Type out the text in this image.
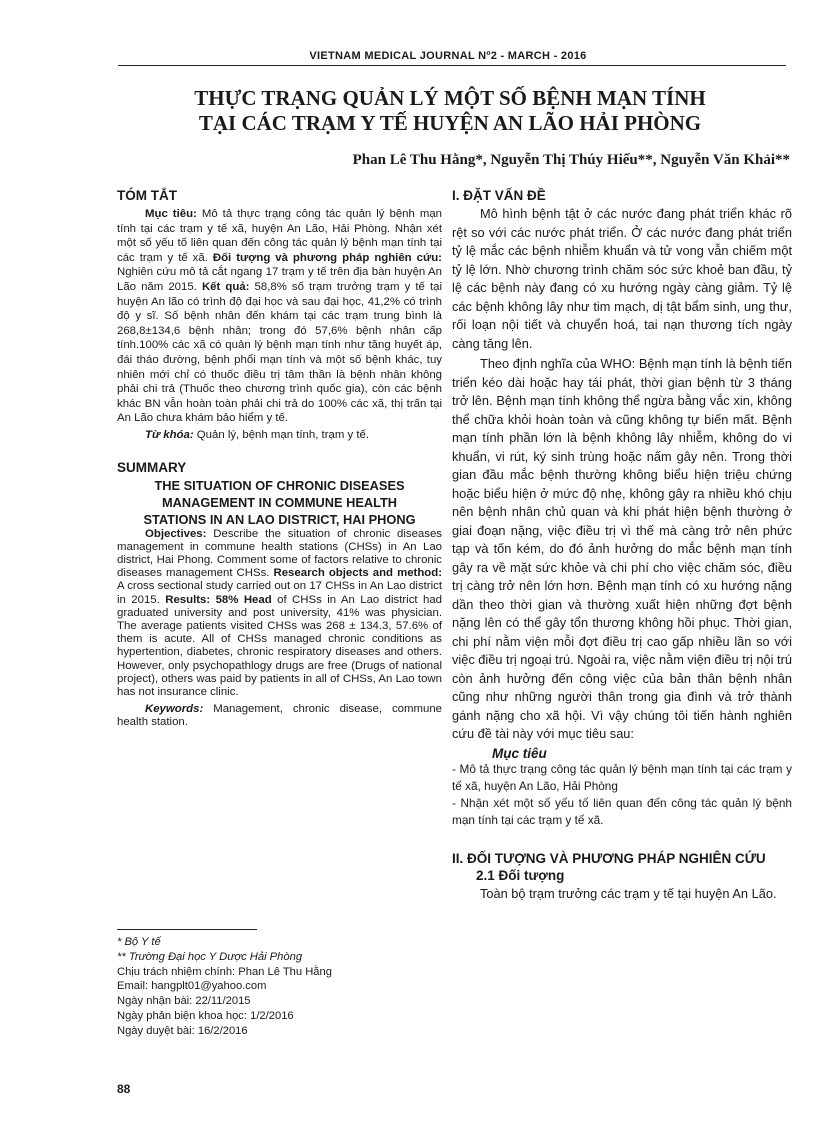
VIETNAM MEDICAL JOURNAL Nº2 - MARCH - 2016
THỰC TRẠNG QUẢN LÝ MỘT SỐ BỆNH MẠN TÍNH
TẠI CÁC TRẠM Y TẾ HUYỆN AN LÃO HẢI PHÒNG
Phan Lê Thu Hằng*, Nguyễn Thị Thúy Hiếu**, Nguyễn Văn Khải**
TÓM TẮT

Mục tiêu: Mô tả thực trạng công tác quản lý bệnh mạn tính tại các trạm y tế xã, huyện An Lão, Hải Phòng. Nhận xét một số yếu tố liên quan đến công tác quản lý bệnh mạn tính tại các trạm y tế xã. Đối tượng và phương pháp nghiên cứu: Nghiên cứu mô tả cắt ngang 17 trạm y tế trên địa bàn huyện An Lão năm 2015. Kết quả: 58,8% số trạm trưởng trạm y tế tại huyện An lão có trình độ đại học và sau đại học, 41,2% có trình độ y sĩ. Số bệnh nhân đến khám tại các trạm trung bình là 268,8±134,6 bệnh nhân; trong đó 57,6% bệnh nhân cấp tính.100% các xã có quản lý bệnh mạn tính như tăng huyết áp, đái tháo đường, bệnh phổi mạn tính và một số bệnh khác, tuy nhiên mới chỉ có thuốc điều trị tâm thần là bệnh nhân không phải chi trả (Thuốc theo chương trình quốc gia), còn các bệnh khác BN vẫn hoàn toàn phải chi trả do 100% các xã, thị trấn tại An Lão chưa khám bảo hiểm y tế.

Từ khóa: Quản lý, bệnh mạn tính, trạm y tế.

SUMMARY
THE SITUATION OF CHRONIC DISEASES
MANAGEMENT IN COMMUNE HEALTH
STATIONS IN AN LAO DISTRICT, HAI PHONG

Objectives: Describe the situation of chronic diseases management in commune health stations (CHSs) in An Lao district, Hai Phong. Comment some of factors relative to chronic diseases management CHSs. Research objects and method: A cross sectional study carried out on 17 CHSs in An Lao district in 2015. Results: 58% Head of CHSs in An Lao district had graduated university and post university, 41% was physician. The average patients visited CHSs was 268 ± 134.3, 57.6% of them is acute. All of CHSs managed chronic conditions as hypertention, diabetes, chronic respiratory diseases and others. However, only psychopathlogy drugs are free (Drugs of national project), others was paid by patients in all of CHSs, An Lao town has not insurance clinic.

Keywords: Management, chronic disease, commune health station.

* Bộ Y tế
** Trường Đại học Y Dược Hải Phòng
Chịu trách nhiệm chính: Phan Lê Thu Hằng
Email: hangplt01@yahoo.com
Ngày nhận bài: 22/11/2015
Ngày phản biện khoa học: 1/2/2016
Ngày duyệt bài: 16/2/2016
88
I. ĐẶT VẤN ĐỀ

Mô hình bệnh tật ở các nước đang phát triển khác rõ rệt so với các nước phát triển. Ở các nước đang phát triển tỷ lệ mắc các bệnh nhiễm khuẩn và tử vong vẫn chiếm một tỷ lệ lớn. Nhờ chương trình chăm sóc sức khoẻ ban đầu, tỷ lệ các bệnh này đang có xu hướng ngày càng giảm. Tỷ lệ các bệnh không lây như tim mạch, dị tật bẩm sinh, ung thư, rối loạn nội tiết và chuyển hoá, tai nạn thương tích ngày càng tăng lên.

Theo định nghĩa của WHO: Bệnh mạn tính là bệnh tiến triển kéo dài hoặc hay tái phát, thời gian bệnh từ 3 tháng trở lên. Bệnh mạn tính không thể ngừa bằng vắc xin, không thể chữa khỏi hoàn toàn và cũng không tự biến mất. Bệnh mạn tính phần lớn là bệnh không lây nhiễm, không do vi khuẩn, vi rút, ký sinh trùng hoặc nấm gây nên. Trong thời gian đầu mắc bệnh thường không biểu hiện triệu chứng hoặc biểu hiện ở mức độ nhẹ, không gây ra nhiều khó chịu nên bệnh nhân chủ quan và khi phát hiện bệnh thường ở giai đoạn nặng, việc điều trị vì thế mà càng trở nên phức tạp và tốn kém, do đó ảnh hưởng do mắc bệnh mạn tính gây ra về mặt sức khỏe và chi phí cho việc chăm sóc, điều trị càng trở nên lớn hơn. Bệnh mạn tính có xu hướng nặng dần theo thời gian và thường xuất hiện những đợt bệnh nặng lên có thể gây tổn thương không hồi phục. Thời gian, chi phí nằm viện mỗi đợt điều trị cao gấp nhiều lần so với việc điều trị ngoại trú. Ngoài ra, việc nằm viện điều trị nội trú còn ảnh hưởng đến công việc của bản thân bệnh nhân cũng như những người thân trong gia đình và trở thành gánh nặng cho xã hội. Vì vậy chúng tôi tiến hành nghiên cứu đề tài này với mục tiêu sau:

Mục tiêu

- Mô tả thực trạng công tác quản lý bệnh mạn tính tại các trạm y tế xã, huyện An Lão, Hải Phòng

- Nhận xét một số yếu tố liên quan đến công tác quản lý bệnh mạn tính tại các trạm y tế xã.

II. ĐỐI TƯỢNG VÀ PHƯƠNG PHÁP NGHIÊN CỨU
2.1 Đối tượng

Toàn bộ trạm trưởng các trạm y tế tại huyện An Lão.
